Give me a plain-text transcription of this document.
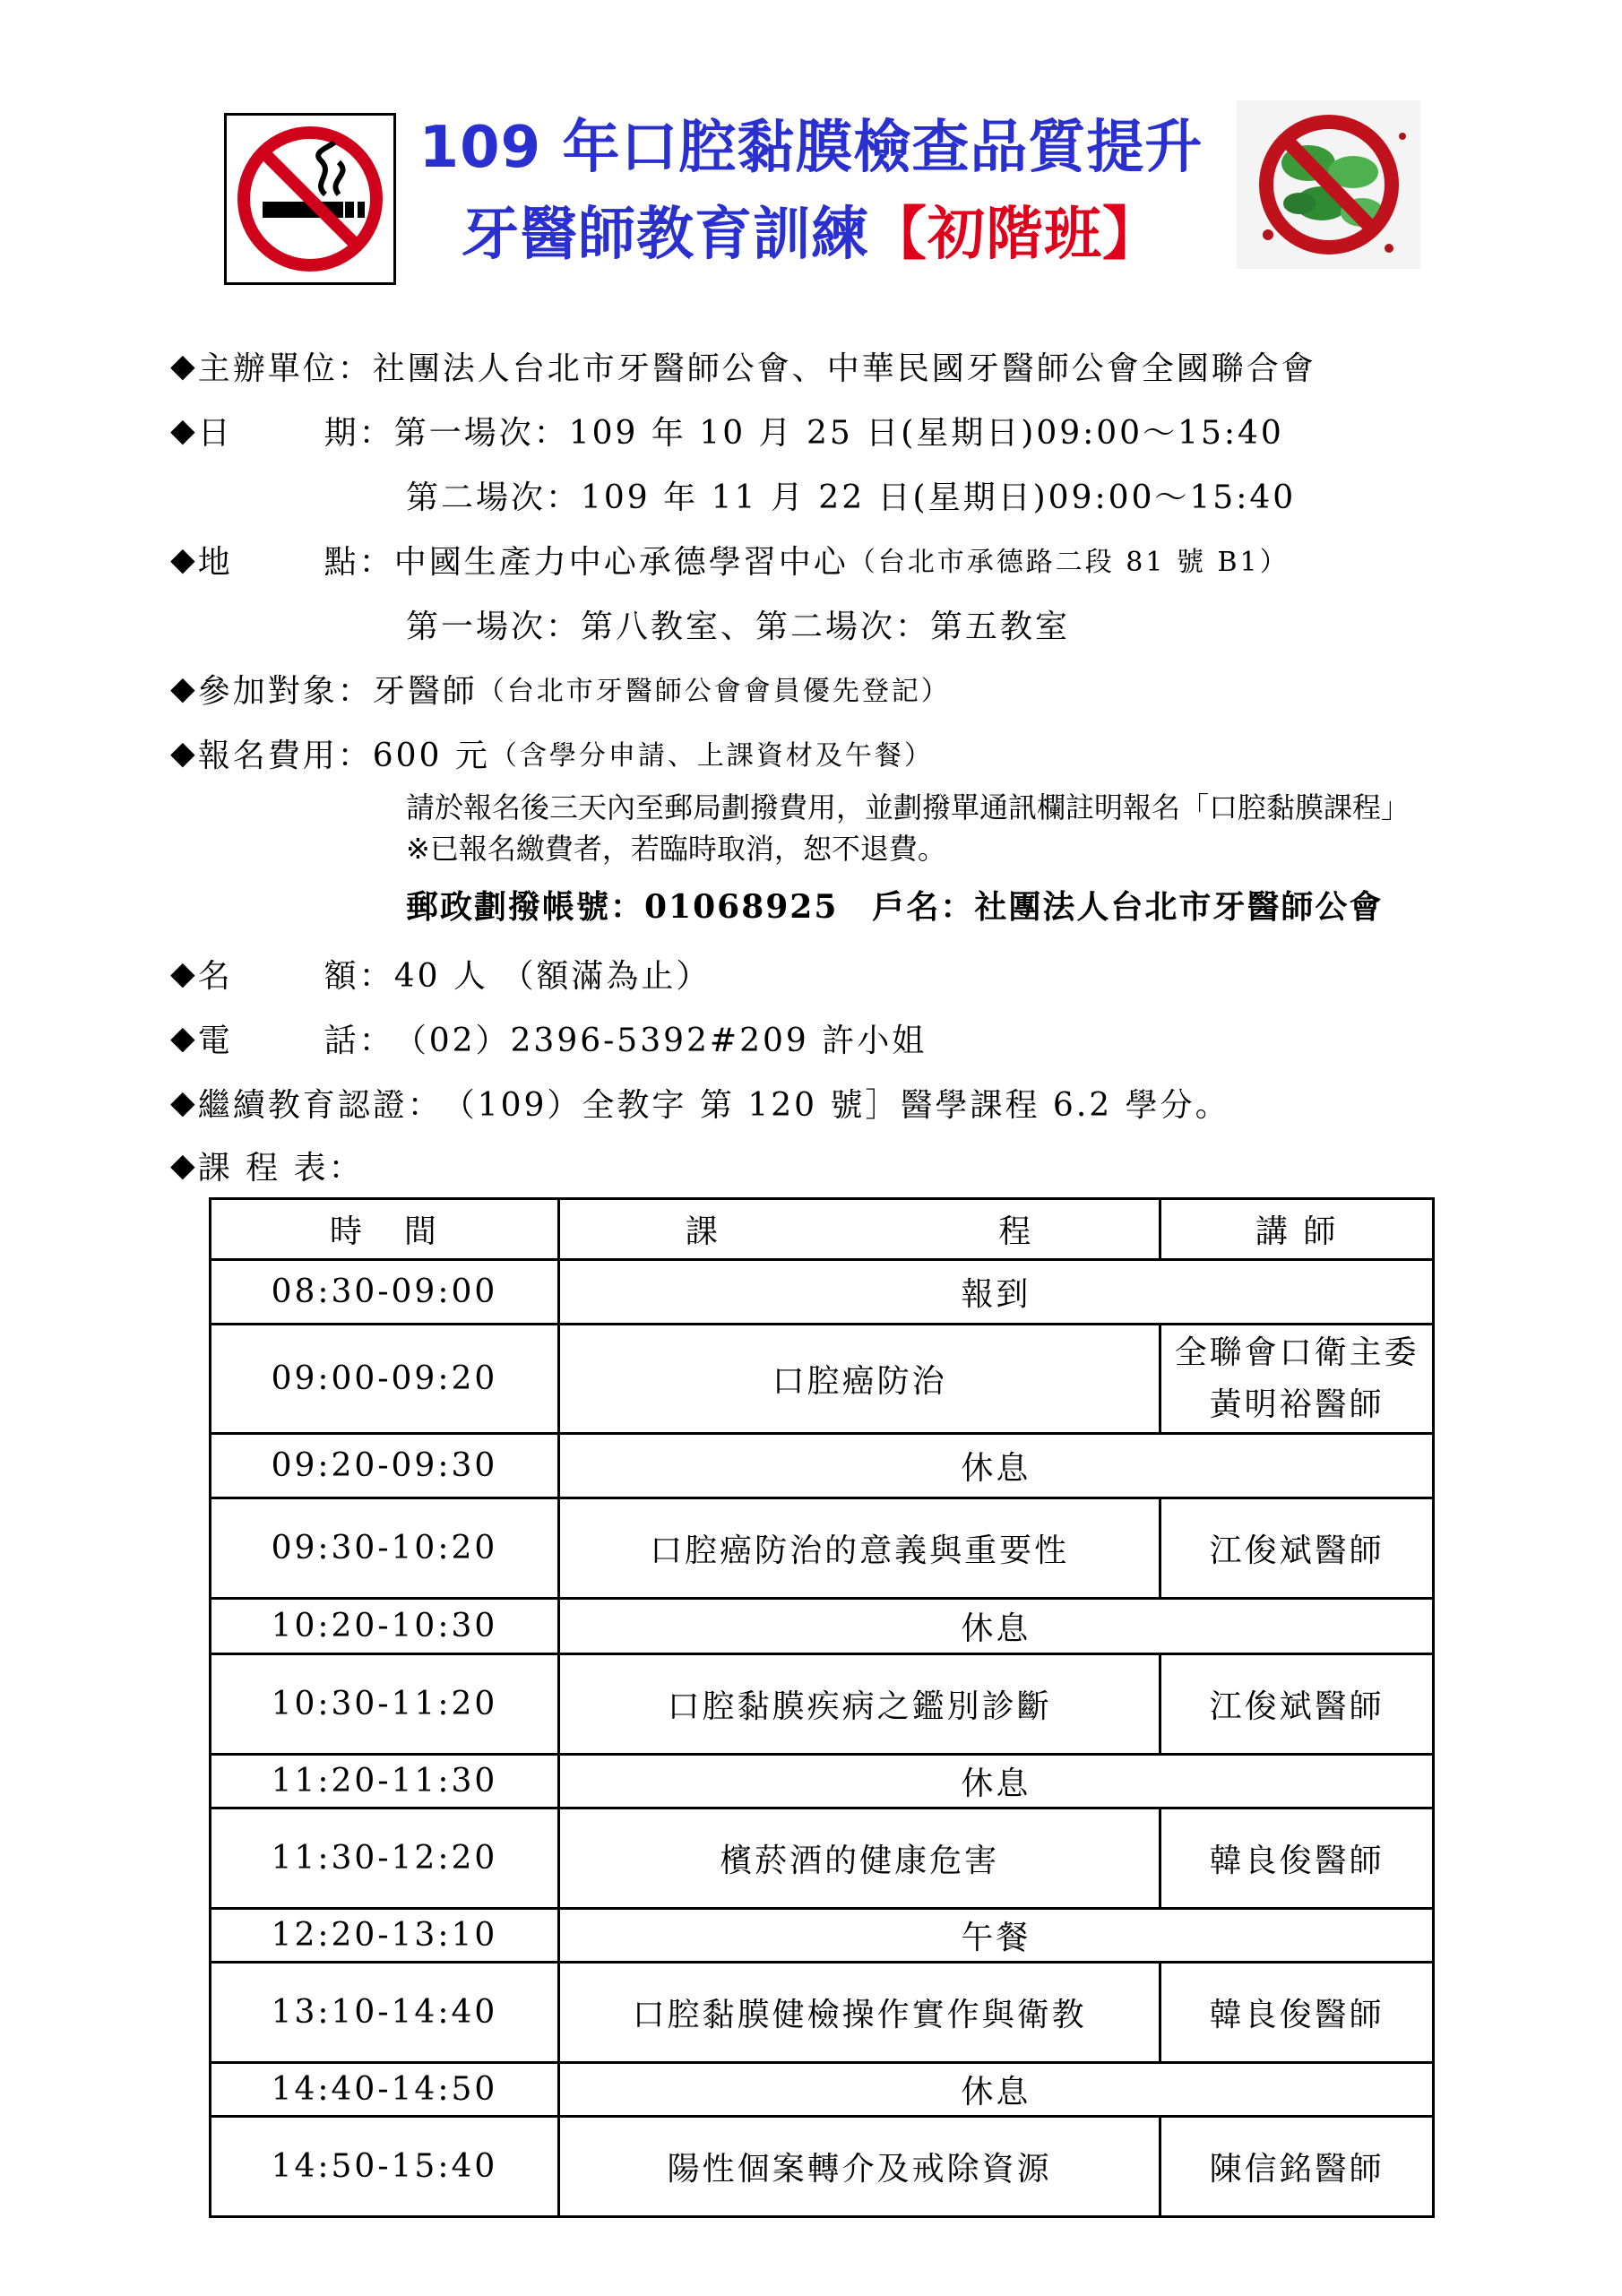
109 年口腔黏膜檢查品質提升
牙醫師教育訓練【初階班】
◆ 主辦單位 ： 社團法人台北市牙醫師公會、中華民國牙醫師公會全國聯合會
◆ 日	期 ： 第一場次：109 年 10 月 25 日(星期日)09:00～15:40
第二場次：109 年 11 月 22 日(星期日)09:00～15:40
◆ 地	點 ： 中國生產力中心承德學習中心 （台北市承德路二段 81 號 B1）
第一場次：第八教室、第二場次：第五教室
◆ 參加對象 ： 牙醫師 （台北市牙醫師公會會員優先登記）
◆ 報名費用 ： 600 元 （含學分申請、上課資材及午餐）
請於報名後三天內至郵局劃撥費用，並劃撥單通訊欄註明報名「口腔黏膜課程」
※已報名繳費者，若臨時取消，恕不退費。
郵政劃撥帳號：01068925　戶名：社團法人台北市牙醫師公會
◆ 名	額 ： 40 人 （額滿為止）
◆ 電	話 ： （02）2396-5392#209 許小姐
◆ 繼續教育認證 ： （109）全教字 第 120 號］醫學課程 6.2 學分。
◆ 課 程 表：
時 間	課 程	講 師
08:30-09:00	報到	
09:00-09:20	口腔癌防治	全聯會口衛主委
黃明裕醫師

09:20-09:30	休息	
09:30-10:20	口腔癌防治的意義與重要性	江俊斌醫師
10:20-10:30	休息	
10:30-11:20	口腔黏膜疾病之鑑別診斷	江俊斌醫師
11:20-11:30	休息	
11:30-12:20	檳菸酒的健康危害	韓良俊醫師
12:20-13:10	午餐	
13:10-14:40	口腔黏膜健檢操作實作與衛教	韓良俊醫師
14:40-14:50	休息	
14:50-15:40	陽性個案轉介及戒除資源	陳信銘醫師
